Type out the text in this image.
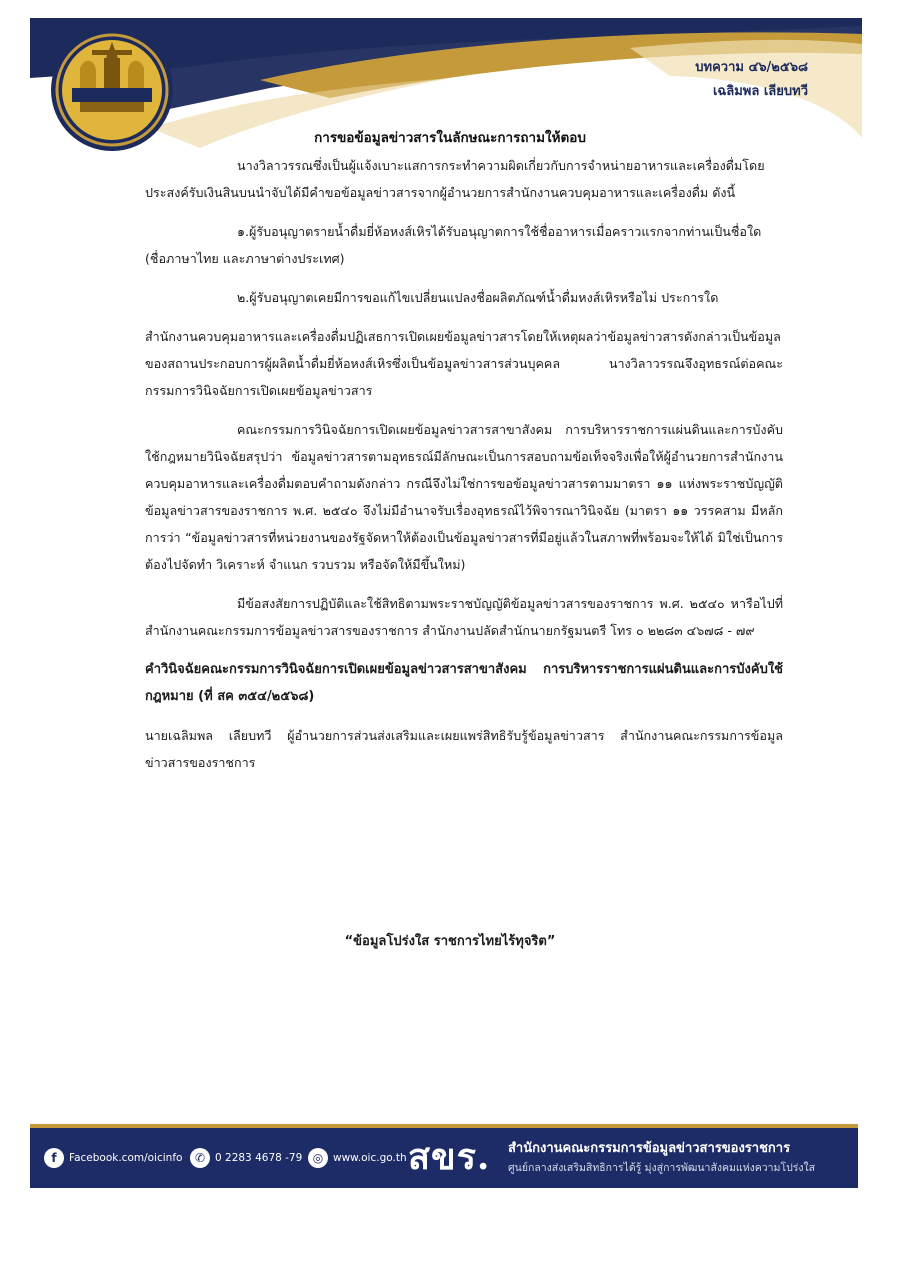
บทความ ๔๖/๒๕๖๘
เฉลิมพล เลียบทวี
การขอข้อมูลข่าวสารในลักษณะการถามให้ตอบ

นางวิลาวรรณซึ่งเป็นผู้แจ้งเบาะแสการกระทำความผิดเกี่ยวกับการจำหน่ายอาหารและเครื่องดื่มโดยประสงค์รับเงินสินบนนำจับได้มีคำขอข้อมูลข่าวสารจากผู้อำนวยการสำนักงานควบคุมอาหารและเครื่องดื่ม ดังนี้

๑.ผู้รับอนุญาตรายน้ำดื่มยี่ห้อหงส์เหิรได้รับอนุญาตการใช้ชื่ออาหารเมื่อคราวแรกจากท่านเป็นชื่อใด (ชื่อภาษาไทย และภาษาต่างประเทศ)

๒.ผู้รับอนุญาตเคยมีการขอแก้ไขเปลี่ยนแปลงชื่อผลิตภัณฑ์น้ำดื่มหงส์เหิรหรือไม่ ประการใด

สำนักงานควบคุมอาหารและเครื่องดื่มปฏิเสธการเปิดเผยข้อมูลข่าวสารโดยให้เหตุผลว่าข้อมูลข่าวสารดังกล่าวเป็นข้อมูลของสถานประกอบการผู้ผลิตน้ำดื่มยี่ห้อหงส์เหิรซึ่งเป็นข้อมูลข่าวสารส่วนบุคคล นางวิลาวรรณจึงอุทธรณ์ต่อคณะกรรมการวินิจฉัยการเปิดเผยข้อมูลข่าวสาร

คณะกรรมการวินิจฉัยการเปิดเผยข้อมูลข่าวสารสาขาสังคม การบริหารราชการแผ่นดินและการบังคับใช้กฎหมายวินิจฉัยสรุปว่า ข้อมูลข่าวสารตามอุทธรณ์มีลักษณะเป็นการสอบถามข้อเท็จจริงเพื่อให้ผู้อำนวยการสำนักงานควบคุมอาหารและเครื่องดื่มตอบคำถามดังกล่าว กรณีจึงไม่ใช่การขอข้อมูลข่าวสารตามมาตรา ๑๑ แห่งพระราชบัญญัติข้อมูลข่าวสารของราชการ พ.ศ. ๒๕๔๐ จึงไม่มีอำนาจรับเรื่องอุทธรณ์ไว้พิจารณาวินิจฉัย (มาตรา ๑๑ วรรคสาม มีหลักการว่า “ข้อมูลข่าวสารที่หน่วยงานของรัฐจัดหาให้ต้องเป็นข้อมูลข่าวสารที่มีอยู่แล้วในสภาพที่พร้อมจะให้ได้ มิใช่เป็นการต้องไปจัดทำ วิเคราะห์ จำแนก รวบรวม หรือจัดให้มีขึ้นใหม่)

มีข้อสงสัยการปฏิบัติและใช้สิทธิตามพระราชบัญญัติข้อมูลข่าวสารของราชการ พ.ศ. ๒๕๔๐ หารือไปที่สำนักงานคณะกรรมการข้อมูลข่าวสารของราชการ สำนักงานปลัดสำนักนายกรัฐมนตรี โทร ๐ ๒๒๘๓ ๔๖๗๘ - ๗๙

คำวินิจฉัยคณะกรรมการวินิจฉัยการเปิดเผยข้อมูลข่าวสารสาขาสังคม การบริหารราชการแผ่นดินและการบังคับใช้กฎหมาย (ที่ สค ๓๕๔/๒๕๖๘)

นายเฉลิมพล เลียบทวี ผู้อำนวยการส่วนส่งเสริมและเผยแพร่สิทธิรับรู้ข้อมูลข่าวสาร สำนักงานคณะกรรมการข้อมูลข่าวสารของราชการ

“ข้อมูลโปร่งใส ราชการไทยไร้ทุจริต”
f	Facebook.com/oicinfo	✆ 0 2283 4678 -79 ◎ www.oic.go.th สขร. สำนักงานคณะกรรมการข้อมูลข่าวสารของราชการ
ศูนย์กลางส่งเสริมสิทธิการได้รู้ มุ่งสู่การพัฒนาสังคมแห่งความโปร่งใส
